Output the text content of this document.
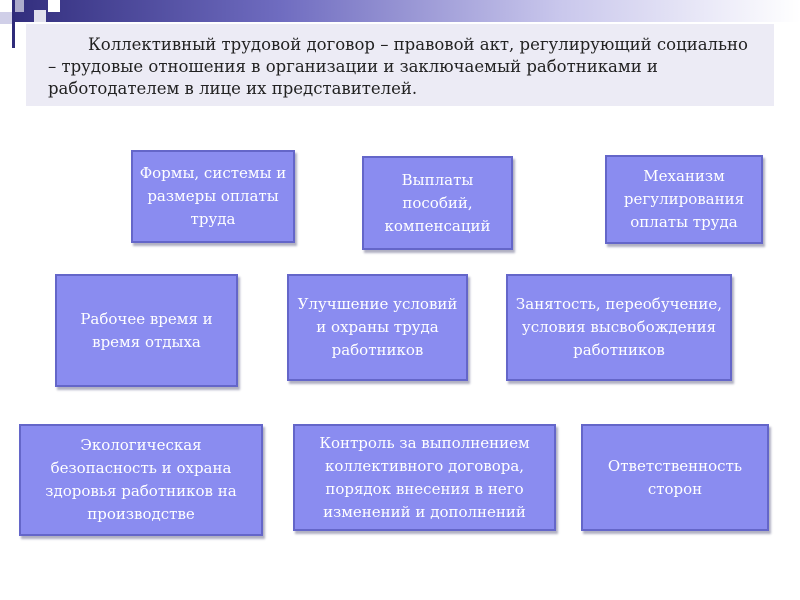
Коллективный трудовой договор – правовой акт, регулирующий социально – трудовые отношения в организации и заключаемый работниками и работодателем в лице их представителей.
Формы, системы и размеры оплаты труда
Выплаты пособий, компенсаций
Механизм регулирования оплаты труда
Рабочее время и время отдыха
Улучшение условий и охраны труда работников
Занятость, переобучение, условия высвобождения работников
Экологическая безопасность и охрана здоровья работников на производстве
Контроль за выполнением коллективного договора, порядок внесения в него изменений и дополнений
Ответственность сторон
